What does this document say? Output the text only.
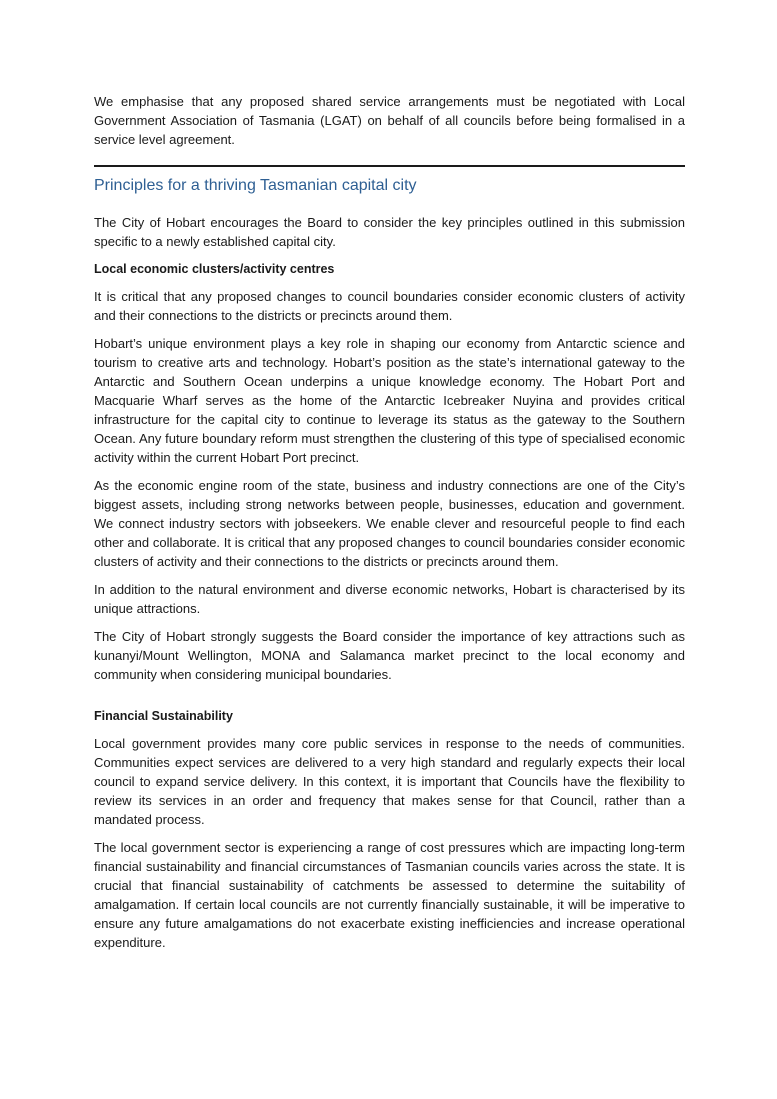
We emphasise that any proposed shared service arrangements must be negotiated with Local Government Association of Tasmania (LGAT) on behalf of all councils before being formalised in a service level agreement.

Principles for a thriving Tasmanian capital city

The City of Hobart encourages the Board to consider the key principles outlined in this submission specific to a newly established capital city.

Local economic clusters/activity centres

It is critical that any proposed changes to council boundaries consider economic clusters of activity and their connections to the districts or precincts around them.

Hobart’s unique environment plays a key role in shaping our economy from Antarctic science and tourism to creative arts and technology. Hobart’s position as the state’s international gateway to the Antarctic and Southern Ocean underpins a unique knowledge economy. The Hobart Port and Macquarie Wharf serves as the home of the Antarctic Icebreaker Nuyina and provides critical infrastructure for the capital city to continue to leverage its status as the gateway to the Southern Ocean. Any future boundary reform must strengthen the clustering of this type of specialised economic activity within the current Hobart Port precinct.

As the economic engine room of the state, business and industry connections are one of the City’s biggest assets, including strong networks between people, businesses, education and government. We connect industry sectors with jobseekers. We enable clever and resourceful people to find each other and collaborate. It is critical that any proposed changes to council boundaries consider economic clusters of activity and their connections to the districts or precincts around them.

In addition to the natural environment and diverse economic networks, Hobart is characterised by its unique attractions.

The City of Hobart strongly suggests the Board consider the importance of key attractions such as kunanyi/Mount Wellington, MONA and Salamanca market precinct to the local economy and community when considering municipal boundaries.

Financial Sustainability

Local government provides many core public services in response to the needs of communities. Communities expect services are delivered to a very high standard and regularly expects their local council to expand service delivery. In this context, it is important that Councils have the flexibility to review its services in an order and frequency that makes sense for that Council, rather than a mandated process.

The local government sector is experiencing a range of cost pressures which are impacting long-term financial sustainability and financial circumstances of Tasmanian councils varies across the state. It is crucial that financial sustainability of catchments be assessed to determine the suitability of amalgamation. If certain local councils are not currently financially sustainable, it will be imperative to ensure any future amalgamations do not exacerbate existing inefficiencies and increase operational expenditure.
